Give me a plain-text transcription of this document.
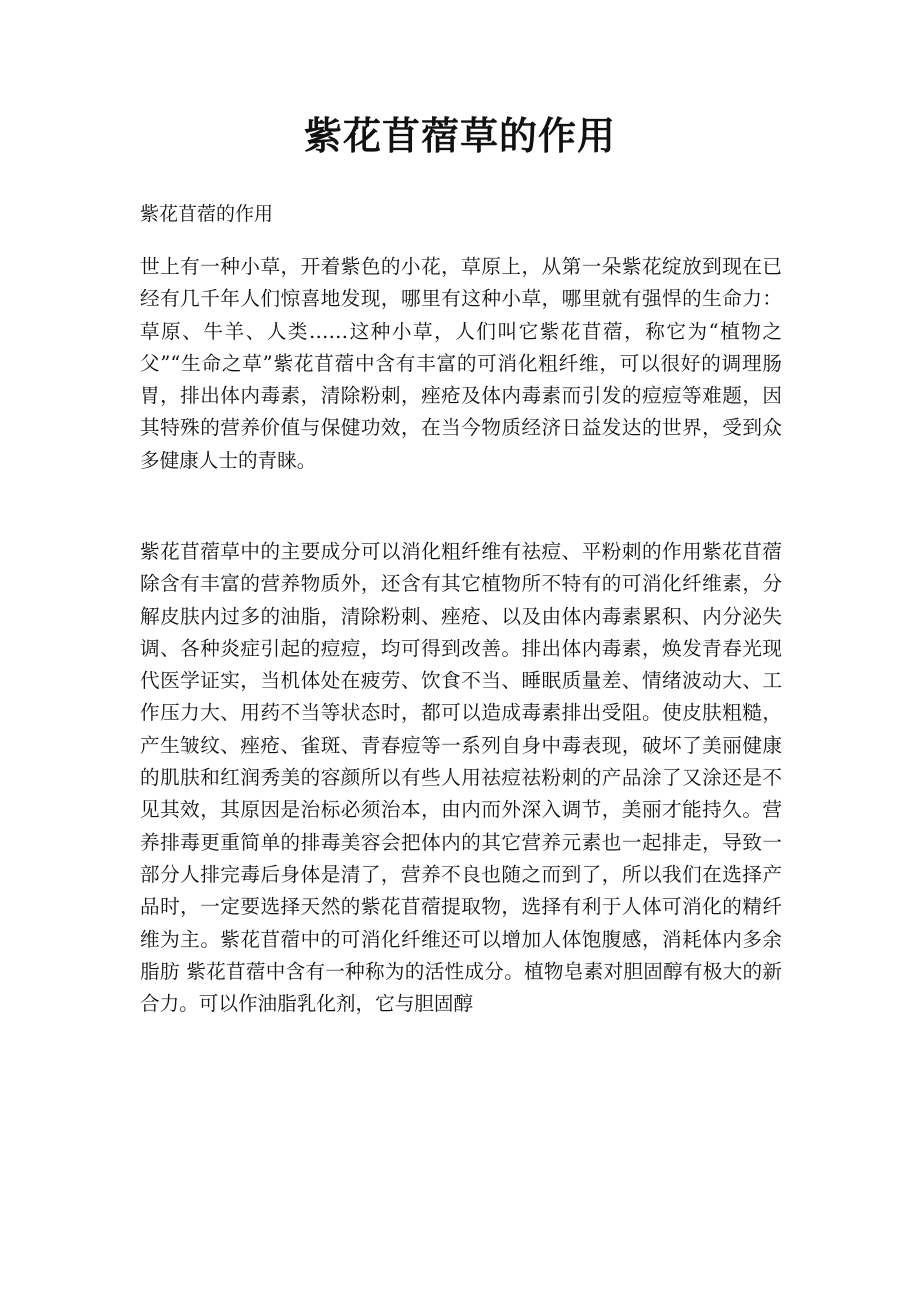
紫花苜蓿草的作用

紫花苜蓿的作用

世上有一种小草，开着紫色的小花，草原上，从第一朵紫花绽放到现在已经有几千年人们惊喜地发现，哪里有这种小草，哪里就有强悍的生命力：草原、牛羊、人类……这种小草，人们叫它紫花苜蓿，称它为“植物之父”“生命之草”紫花苜蓿中含有丰富的可消化粗纤维，可以很好的调理肠胃，排出体内毒素，清除粉刺，痤疮及体内毒素而引发的痘痘等难题，因其特殊的营养价值与保健功效，在当今物质经济日益发达的世界，受到众多健康人士的青睐。

紫花苜蓿草中的主要成分可以消化粗纤维有祛痘、平粉刺的作用紫花苜蓿除含有丰富的营养物质外，还含有其它植物所不特有的可消化纤维素，分解皮肤内过多的油脂，清除粉刺、痤疮、以及由体内毒素累积、内分泌失调、各种炎症引起的痘痘，均可得到改善。排出体内毒素，焕发青春光现代医学证实，当机体处在疲劳、饮食不当、睡眠质量差、情绪波动大、工作压力大、用药不当等状态时，都可以造成毒素排出受阻。使皮肤粗糙，产生皱纹、痤疮、雀斑、青春痘等一系列自身中毒表现，破坏了美丽健康的肌肤和红润秀美的容颜所以有些人用祛痘祛粉刺的产品涂了又涂还是不见其效，其原因是治标必须治本，由内而外深入调节，美丽才能持久。营养排毒更重简单的排毒美容会把体内的其它营养元素也一起排走，导致一部分人排完毒后身体是清了，营养不良也随之而到了，所以我们在选择产品时，一定要选择天然的紫花苜蓿提取物，选择有利于人体可消化的精纤维为主。紫花苜蓿中的可消化纤维还可以增加人体饱腹感，消耗体内多余脂肪 紫花苜蓿中含有一种称为的活性成分。植物皂素对胆固醇有极大的新合力。可以作油脂乳化剂，它与胆固醇
